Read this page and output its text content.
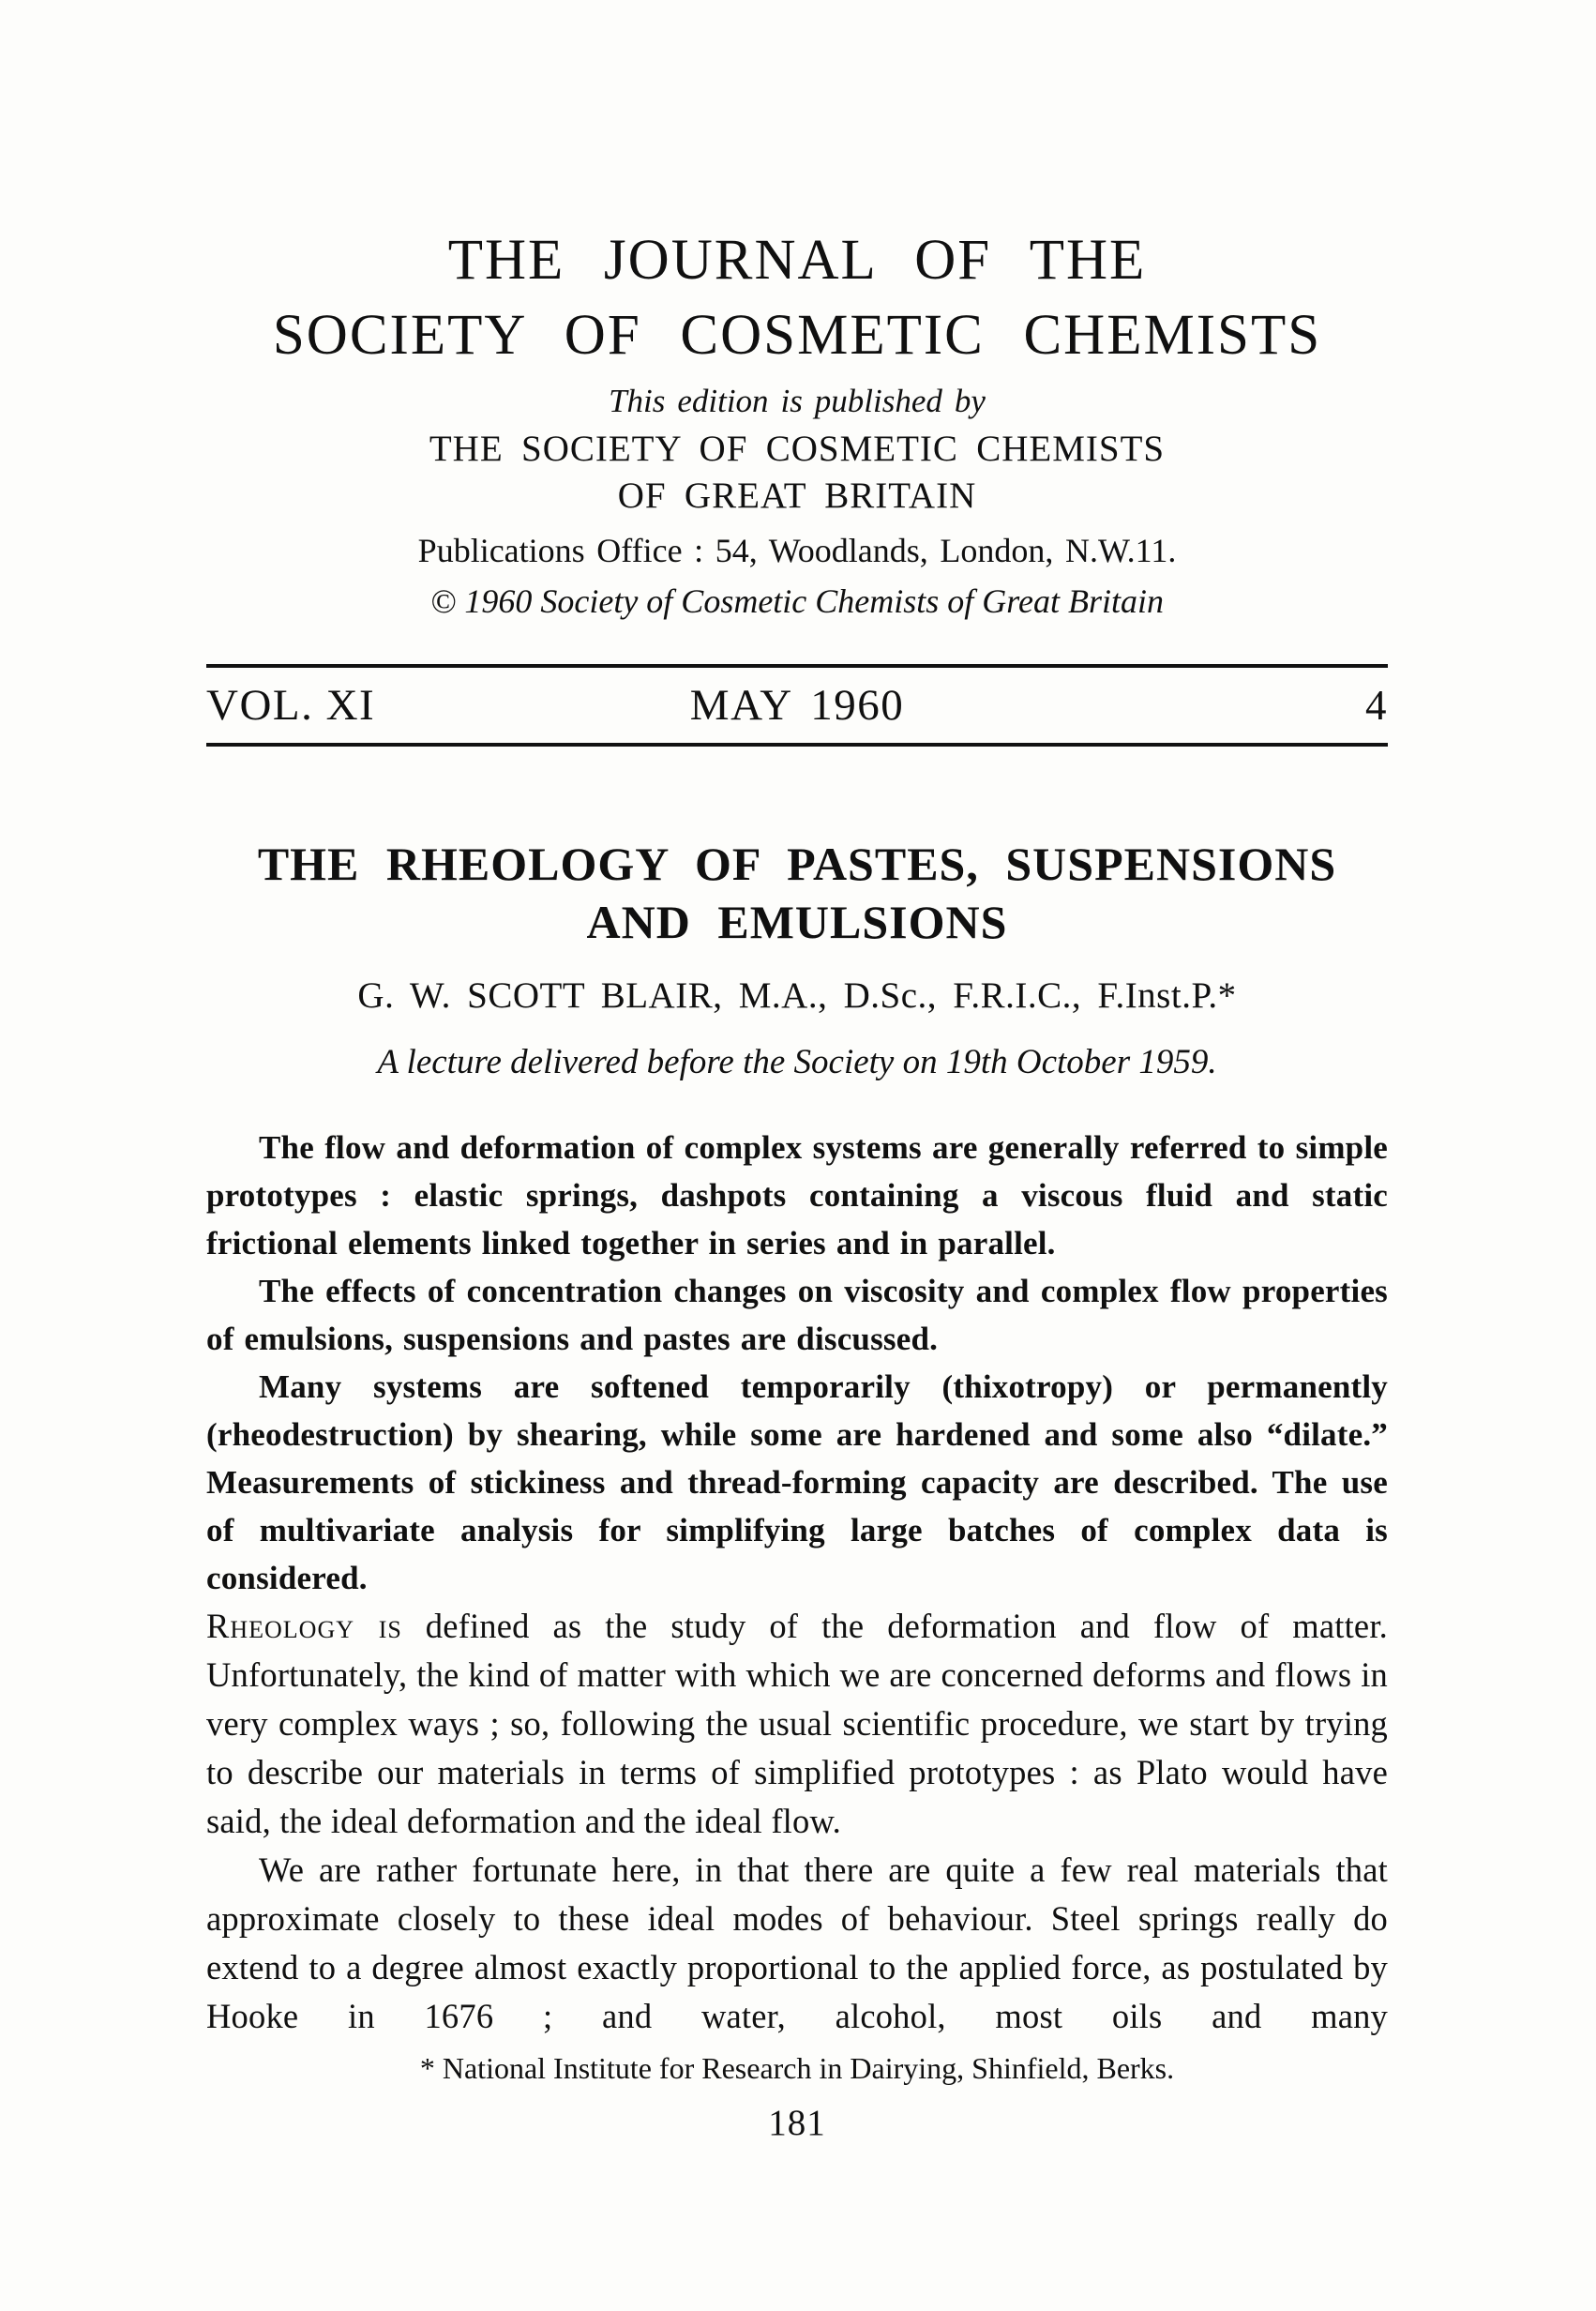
THE JOURNAL OF THE
SOCIETY OF COSMETIC CHEMISTS
This edition is published by
THE SOCIETY OF COSMETIC CHEMISTS
OF GREAT BRITAIN
Publications Office : 54, Woodlands, London, N.W.11.
© 1960 Society of Cosmetic Chemists of Great Britain
VOL. XI	MAY 1960	4
THE RHEOLOGY OF PASTES, SUSPENSIONS
AND EMULSIONS
G. W. SCOTT BLAIR, M.A., D.Sc., F.R.I.C., F.Inst.P.*
A lecture delivered before the Society on 19th October 1959.

The flow and deformation of complex systems are generally referred to simple prototypes : elastic springs, dashpots containing a viscous fluid and static frictional elements linked together in series and in parallel.

The effects of concentration changes on viscosity and complex flow properties of emulsions, suspensions and pastes are discussed.

Many systems are softened temporarily (thixotropy) or permanently (rheodestruction) by shearing, while some are hardened and some also “dilate.” Measurements of stickiness and thread-forming capacity are described. The use of multivariate analysis for simplifying large batches of complex data is considered.

Rheology is defined as the study of the deformation and flow of matter. Unfortunately, the kind of matter with which we are concerned deforms and flows in very complex ways ; so, following the usual scientific procedure, we start by trying to describe our materials in terms of simplified prototypes : as Plato would have said, the ideal deformation and the ideal flow.

We are rather fortunate here, in that there are quite a few real materials that approximate closely to these ideal modes of behaviour. Steel springs really do extend to a degree almost exactly proportional to the applied force, as postulated by Hooke in 1676 ; and water, alcohol, most oils and many

* National Institute for Research in Dairying, Shinfield, Berks.
181
